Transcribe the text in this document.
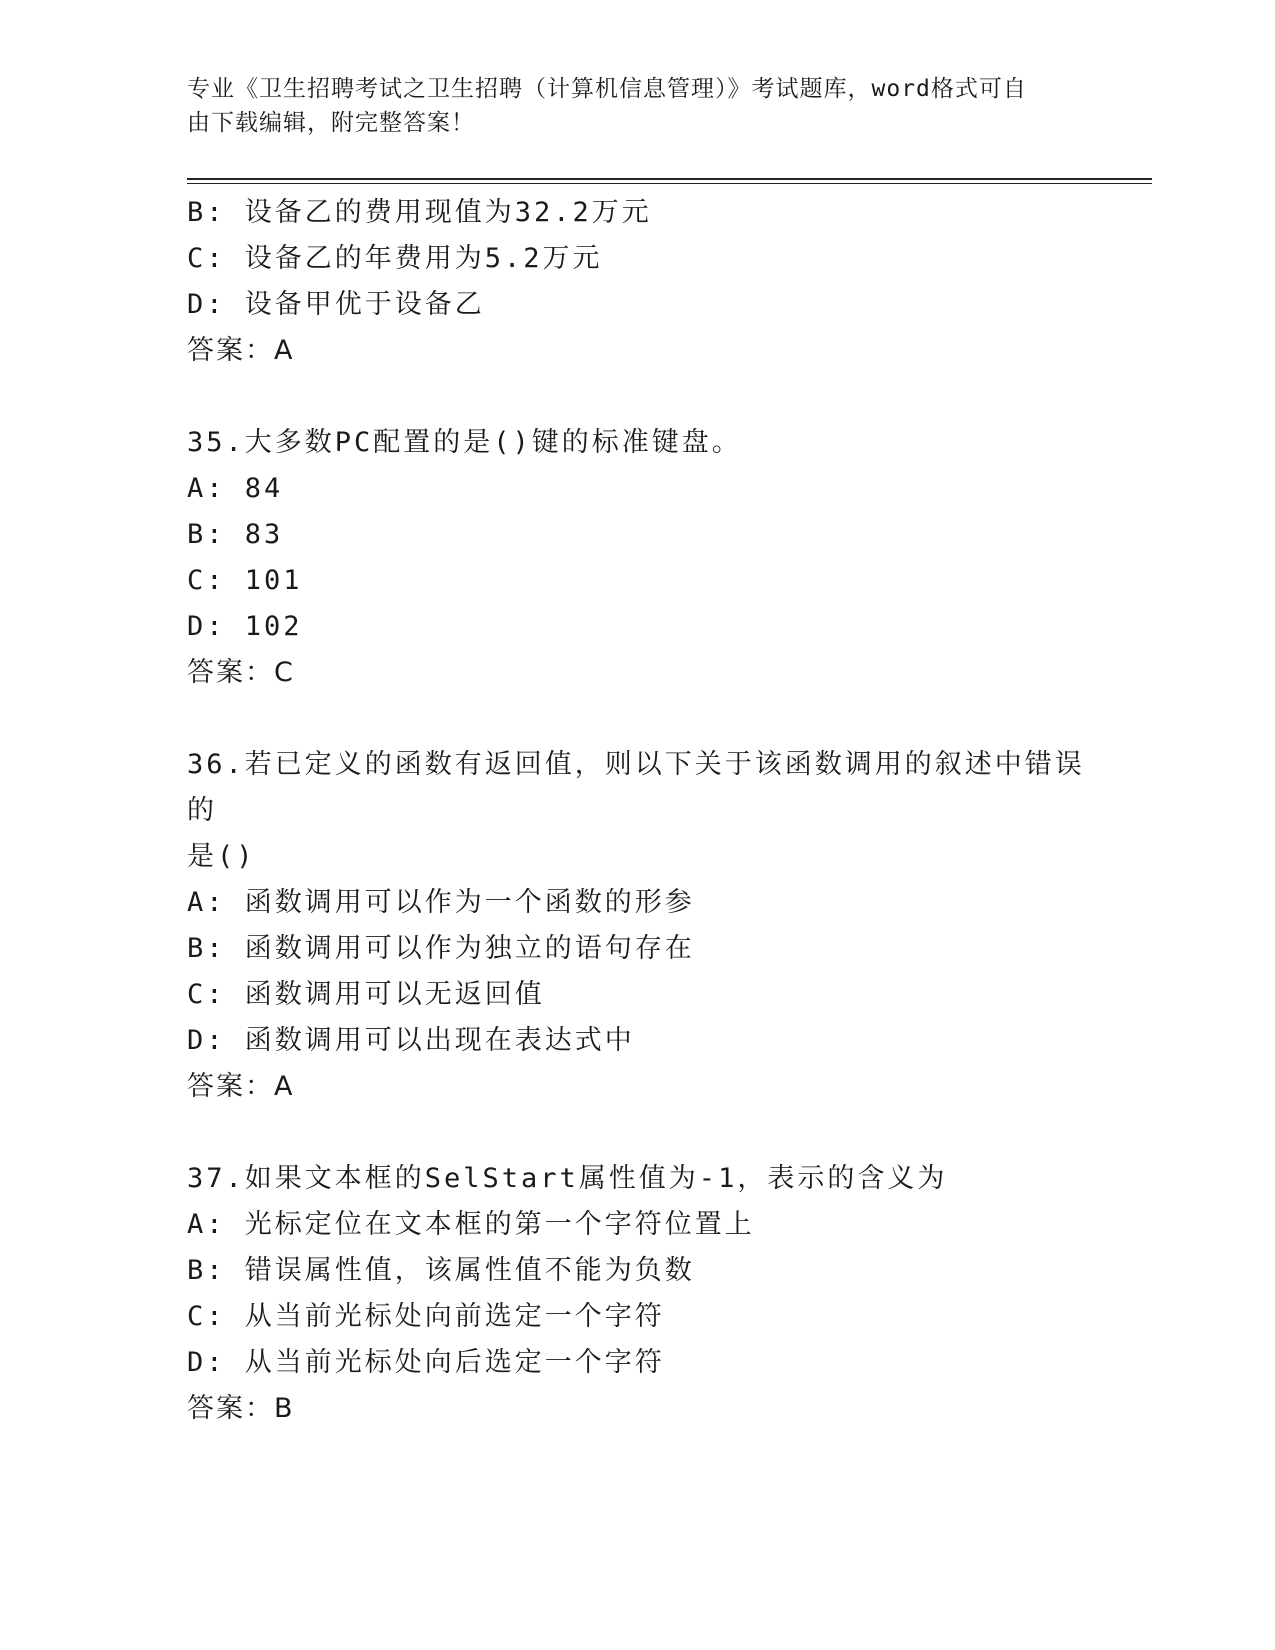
专业《卫生招聘考试之卫生招聘（计算机信息管理）》考试题库，word格式可自
由下载编辑，附完整答案！
B: 设备乙的费用现值为32.2万元
C: 设备乙的年费用为5.2万元
D: 设备甲优于设备乙
答案：A
35.大多数PC配置的是()键的标准键盘。
A: 84
B: 83
C: 101
D: 102
答案：C
36.若已定义的函数有返回值，则以下关于该函数调用的叙述中错误的
是()
A: 函数调用可以作为一个函数的形参
B: 函数调用可以作为独立的语句存在
C: 函数调用可以无返回值
D: 函数调用可以出现在表达式中
答案：A
37.如果文本框的SelStart属性值为-1，表示的含义为
A: 光标定位在文本框的第一个字符位置上
B: 错误属性值，该属性值不能为负数
C: 从当前光标处向前选定一个字符
D: 从当前光标处向后选定一个字符
答案：B
